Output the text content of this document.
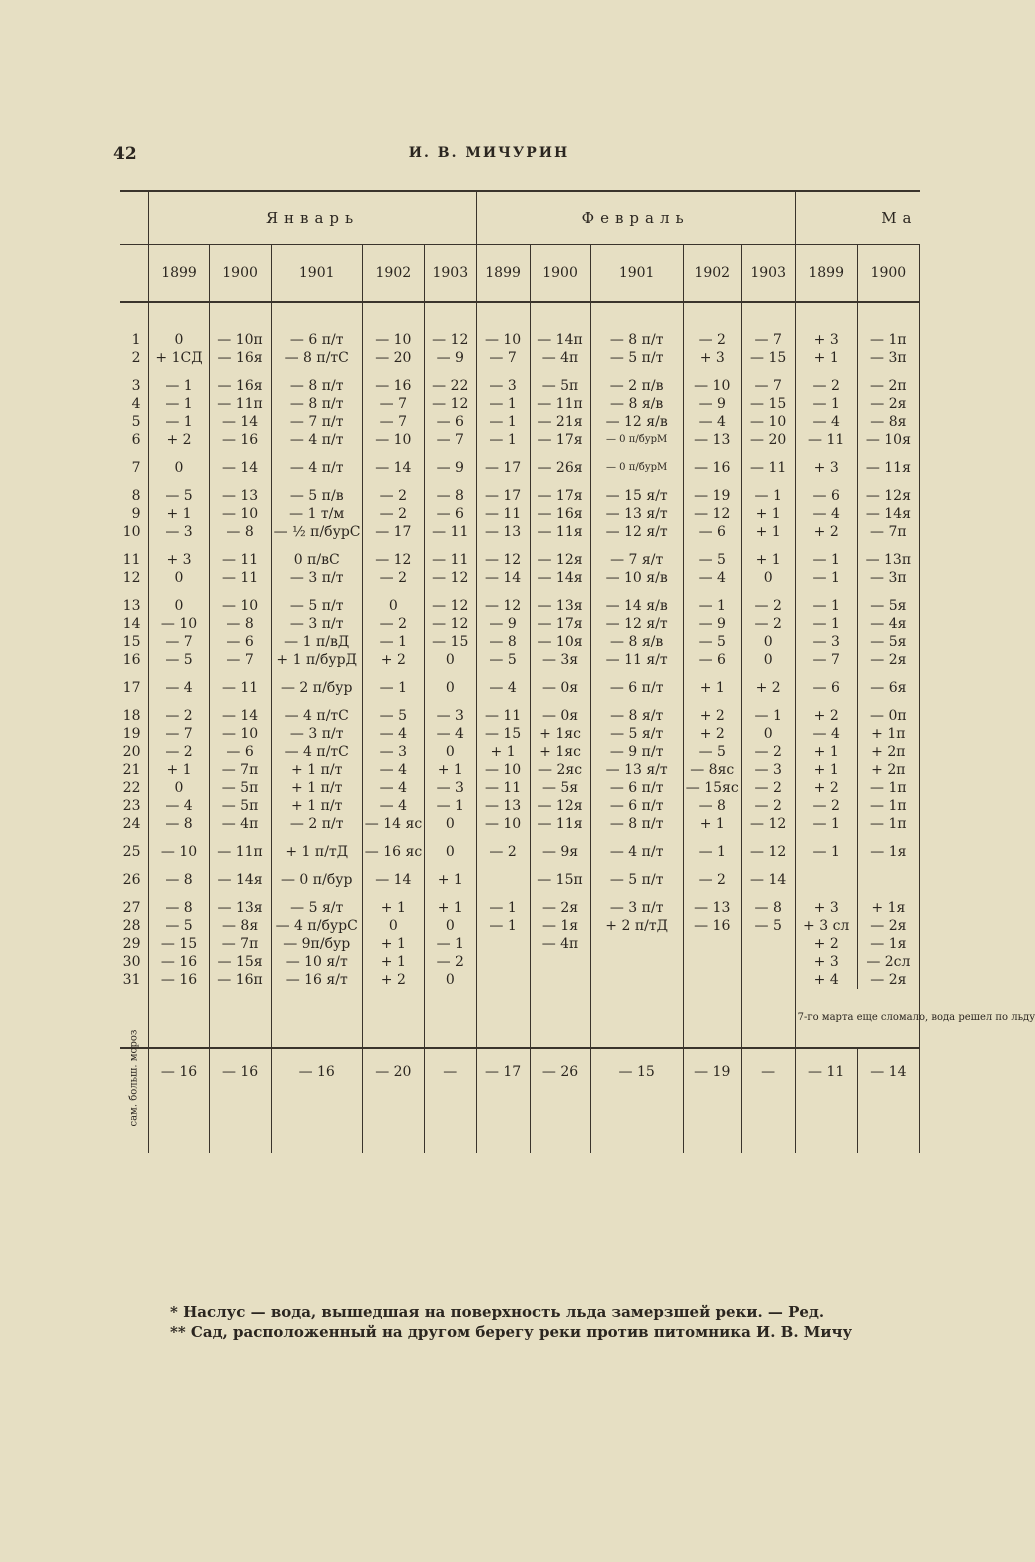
42	И. В. МИЧУРИН
	Январь					Февраль					Ма	
	1899	1900	1901	1902	1903	1899	1900	1901	1902	1903	1899	1900

1	0	— 10п	— 6 п/т	— 10	— 12	— 10	— 14п	— 8 п/т	— 2	— 7	+ 3	— 1п
2	+ 1СД	— 16я	— 8 п/тС	— 20	— 9	— 7	— 4п	— 5 п/т	+ 3	— 15	+ 1	— 3п
3	— 1	— 16я	— 8 п/т	— 16	— 22	— 3	— 5п	— 2 п/в	— 10	— 7	— 2	— 2п
4	— 1	— 11п	— 8 п/т	— 7	— 12	— 1	— 11п	— 8 я/в	— 9	— 15	— 1	— 2я
5	— 1	— 14	— 7 п/т	— 7	— 6	— 1	— 21я	— 12 я/в	— 4	— 10	— 4	— 8я
6	+ 2	— 16	— 4 п/т	— 10	— 7	— 1	— 17я	— 0 п/бурМ	— 13	— 20	— 11	— 10я
7	0	— 14	— 4 п/т	— 14	— 9	— 17	— 26я	— 0 п/бурМ	— 16	— 11	+ 3	— 11я
8	— 5	— 13	— 5 п/в	— 2	— 8	— 17	— 17я	— 15 я/т	— 19	— 1	— 6	— 12я
9	+ 1	— 10	— 1 т/м	— 2	— 6	— 11	— 16я	— 13 я/т	— 12	+ 1	— 4	— 14я
10	— 3	— 8	— ½ п/бурС	— 17	— 11	— 13	— 11я	— 12 я/т	— 6	+ 1	+ 2	— 7п
11	+ 3	— 11	0 п/вС	— 12	— 11	— 12	— 12я	— 7 я/т	— 5	+ 1	— 1	— 13п
12	0	— 11	— 3 п/т	— 2	— 12	— 14	— 14я	— 10 я/в	— 4	0	— 1	— 3п
13	0	— 10	— 5 п/т	0	— 12	— 12	— 13я	— 14 я/в	— 1	— 2	— 1	— 5я
14	— 10	— 8	— 3 п/т	— 2	— 12	— 9	— 17я	— 12 я/т	— 9	— 2	— 1	— 4я
15	— 7	— 6	— 1 п/вД	— 1	— 15	— 8	— 10я	— 8 я/в	— 5	0	— 3	— 5я
16	— 5	— 7	+ 1 п/бурД	+ 2	0	— 5	— 3я	— 11 я/т	— 6	0	— 7	— 2я
17	— 4	— 11	— 2 п/бур	— 1	0	— 4	— 0я	— 6 п/т	+ 1	+ 2	— 6	— 6я
18	— 2	— 14	— 4 п/тС	— 5	— 3	— 11	— 0я	— 8 я/т	+ 2	— 1	+ 2	— 0п
19	— 7	— 10	— 3 п/т	— 4	— 4	— 15	+ 1яс	— 5 я/т	+ 2	0	— 4	+ 1п
20	— 2	— 6	— 4 п/тС	— 3	0	+ 1	+ 1яс	— 9 п/т	— 5	— 2	+ 1	+ 2п
21	+ 1	— 7п	+ 1 п/т	— 4	+ 1	— 10	— 2яс	— 13 я/т	— 8яс	— 3	+ 1	+ 2п
22	0	— 5п	+ 1 п/т	— 4	— 3	— 11	— 5я	— 6 п/т	— 15яс	— 2	+ 2	— 1п
23	— 4	— 5п	+ 1 п/т	— 4	— 1	— 13	— 12я	— 6 п/т	— 8	— 2	— 2	— 1п
24	— 8	— 4п	— 2 п/т	— 14 яс	0	— 10	— 11я	— 8 п/т	+ 1	— 12	— 1	— 1п
25	— 10	— 11п	+ 1 п/тД	— 16 яс	0	— 2	— 9я	— 4 п/т	— 1	— 12	— 1	— 1я
26	— 8	— 14я	— 0 п/бур	— 14	+ 1		— 15п	— 5 п/т	— 2	— 14		
27	— 8	— 13я	— 5 я/т	+ 1	+ 1	— 1	— 2я	— 3 п/т	— 13	— 8	+ 3	+ 1я
28	— 5	— 8я	— 4 п/бурС	0	0	— 1	— 1я	+ 2 п/тД	— 16	— 5	+ 3 сл	— 2я
29	— 15	— 7п	— 9п/бур	+ 1	— 1		— 4п				+ 2	— 1я
30	— 16	— 15я	— 10 я/т	+ 1	— 2						+ 3	— 2сл
31	— 16	— 16п	— 16 я/т	+ 2	0						+ 4	— 2я
											7-го марта еще сломало, вода решел по льду	

сам. больш. мороз	— 16	— 16	— 16	— 20	—	— 17	— 26	— 15	— 19	—	— 11	— 14
* Наслус — вода, вышедшая на поверхность льда замерзшей реки. — Ред.
** Сад, расположенный на другом берегу реки против питомника И. В. Мичу
